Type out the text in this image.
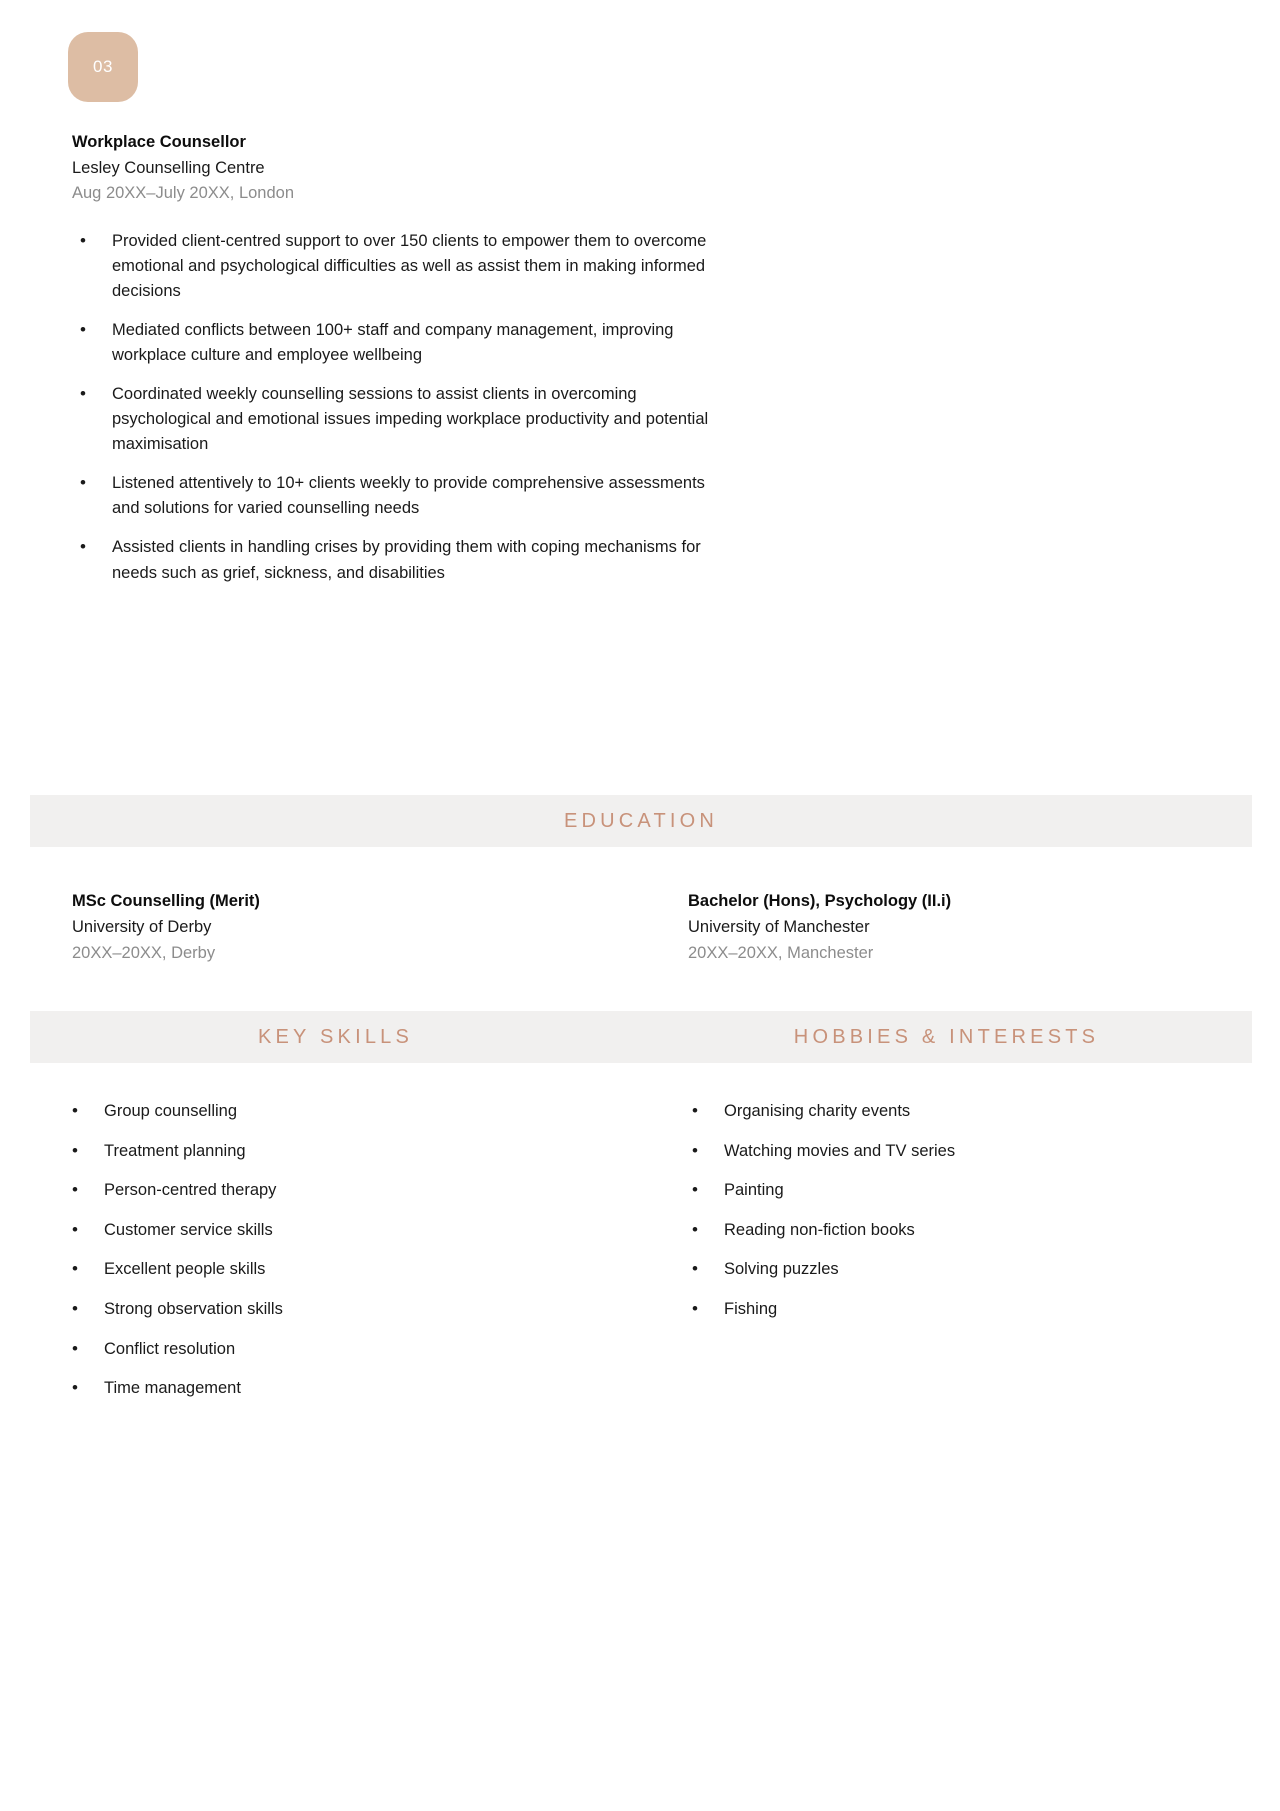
03
Workplace Counsellor
Lesley Counselling Centre
Aug 20XX–July 20XX, London
• Provided client-centred support to over 150 clients to empower them to overcome emotional and psychological difficulties as well as assist them in making informed decisions
• Mediated conflicts between 100+ staff and company management, improving workplace culture and employee wellbeing
• Coordinated weekly counselling sessions to assist clients in overcoming psychological and emotional issues impeding workplace productivity and potential maximisation
• Listened attentively to 10+ clients weekly to provide comprehensive assessments and solutions for varied counselling needs
• Assisted clients in handling crises by providing them with coping mechanisms for needs such as grief, sickness, and disabilities
EDUCATION
MSc Counselling (Merit)
University of Derby
20XX–20XX, Derby
Bachelor (Hons), Psychology (II.i)
University of Manchester
20XX–20XX, Manchester
KEY SKILLS	HOBBIES & INTERESTS
• Group counselling
• Treatment planning
• Person-centred therapy
• Customer service skills
• Excellent people skills
• Strong observation skills
• Conflict resolution
• Time management
• Organising charity events
• Watching movies and TV series
• Painting
• Reading non-fiction books
• Solving puzzles
• Fishing
